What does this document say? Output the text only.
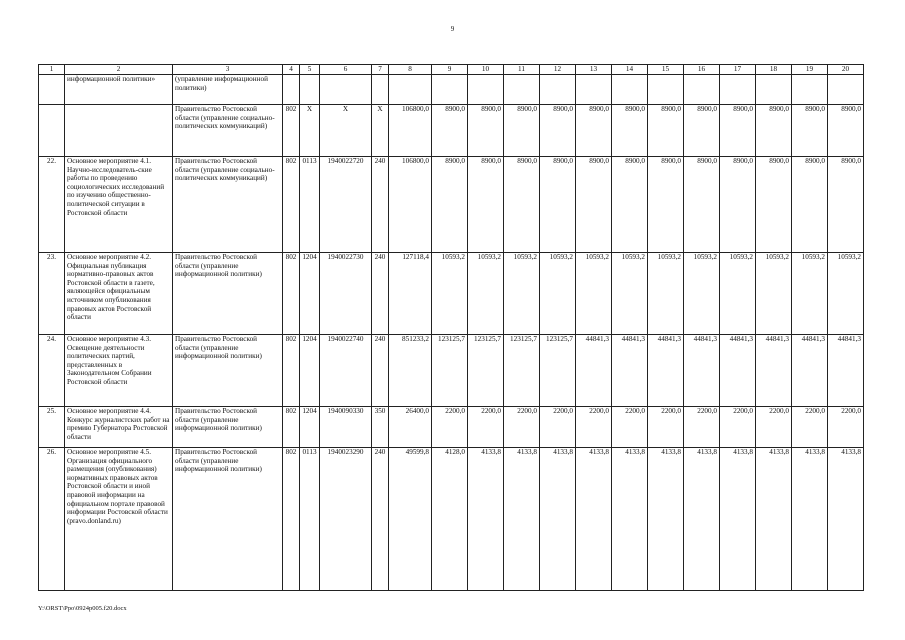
9
1	2	3	4	5	6	7	8	9	10	11	12	13	14	15	16	17	18	19	20
	информационной политики»	(управление информационной политики)																	
		Правительство Ростовской области (управление социально-политических коммуникаций)	802	Х	Х	Х	106800,0	8900,0	8900,0	8900,0	8900,0	8900,0	8900,0	8900,0	8900,0	8900,0	8900,0	8900,0	8900,0
22.	Основное мероприятие 4.1. Научно-исследователь-ские работы по проведению социологических исследований по изучению общественно-политической ситуации в Ростовской области	Правительство Ростовской области (управление социально-политических коммуникаций)	802	0113	1940022720	240	106800,0	8900,0	8900,0	8900,0	8900,0	8900,0	8900,0	8900,0	8900,0	8900,0	8900,0	8900,0	8900,0
23.	Основное мероприятие 4.2. Официальная публикация нормативно-правовых актов Ростовской области в газете, являющейся официальным источником опубликования правовых актов Ростовской области	Правительство Ростовской области (управление информационной политики)	802	1204	1940022730	240	127118,4	10593,2	10593,2	10593,2	10593,2	10593,2	10593,2	10593,2	10593,2	10593,2	10593,2	10593,2	10593,2
24.	Основное мероприятие 4.3. Освещение деятельности политических партий, представленных в Законодательном Собрании Ростовской области	Правительство Ростовской области (управление информационной политики)	802	1204	1940022740	240	851233,2	123125,7	123125,7	123125,7	123125,7	44841,3	44841,3	44841,3	44841,3	44841,3	44841,3	44841,3	44841,3
25.	Основное мероприятие 4.4. Конкурс журналистских работ на премию Губернатора Ростовской области	Правительство Ростовской области (управление информационной политики)	802	1204	1940090330	350	26400,0	2200,0	2200,0	2200,0	2200,0	2200,0	2200,0	2200,0	2200,0	2200,0	2200,0	2200,0	2200,0
26.	Основное мероприятие 4.5. Организация официального размещения (опубликования) нормативных правовых актов Ростовской области и иной правовой информации на официальном портале правовой информации Ростовской области (pravo.donland.ru)	Правительство Ростовской области (управление информационной политики)	802	0113	1940023290	240	49599,8	4128,0	4133,8	4133,8	4133,8	4133,8	4133,8	4133,8	4133,8	4133,8	4133,8	4133,8	4133,8
Y:\ORST\Ppo\0924p005.f20.docx
